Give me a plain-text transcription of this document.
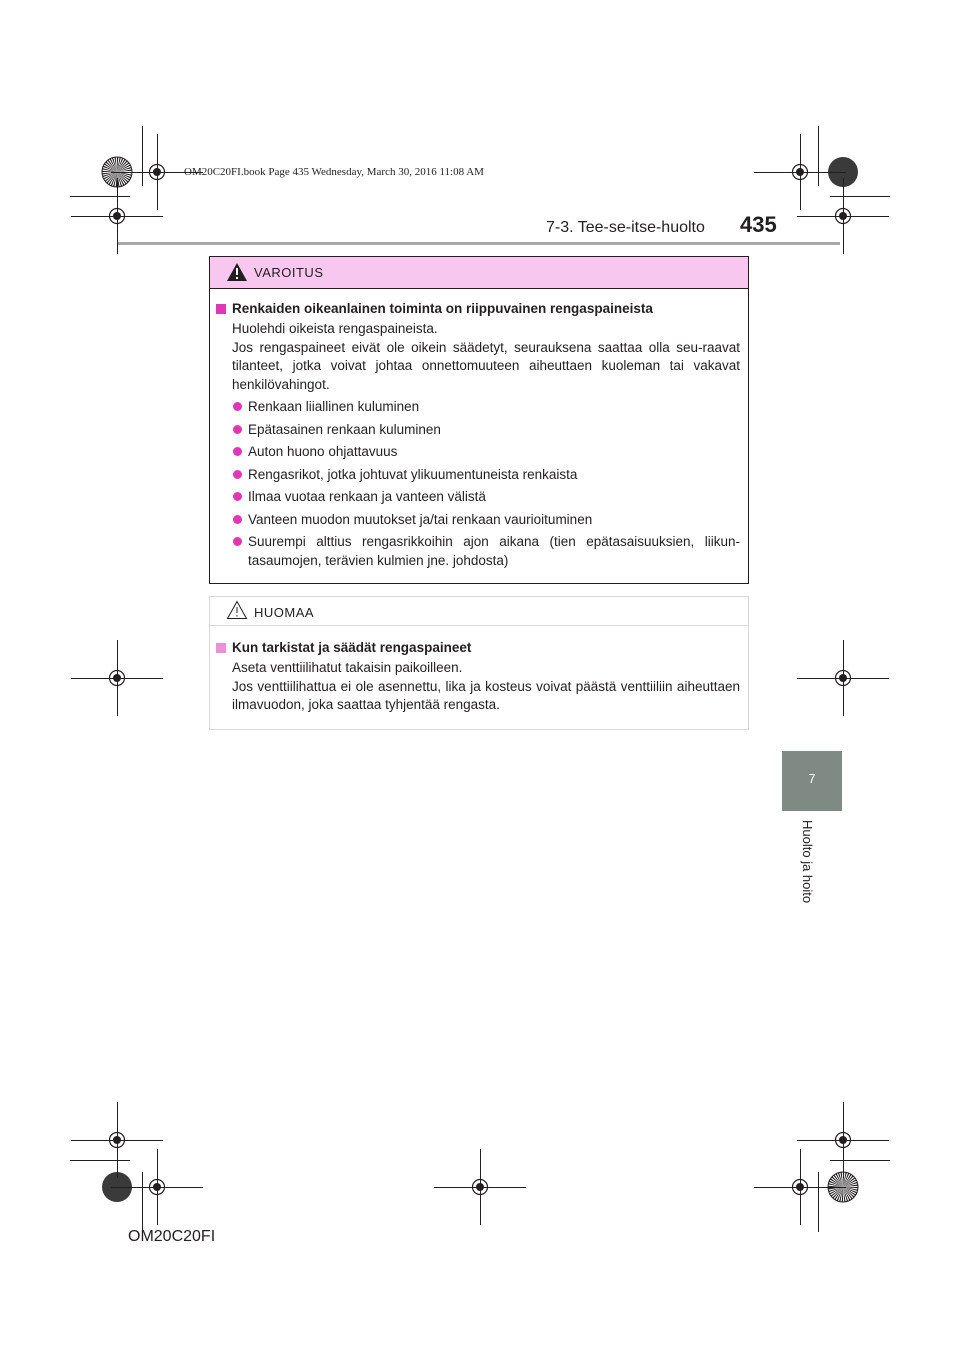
OM20C20FI.book Page 435 Wednesday, March 30, 2016 11:08 AM
7-3. Tee-se-itse-huolto 435
7
Huolto ja hoito
VAROITUS

Renkaiden oikeanlainen toiminta on riippuvainen rengaspaineista

Huolehdi oikeista rengaspaineista.
Jos rengaspaineet eivät ole oikein säädetyt, seurauksena saattaa olla seu-raavat tilanteet, jotka voivat johtaa onnettomuuteen aiheuttaen kuoleman tai vakavat henkilövahingot.
Renkaan liiallinen kuluminen
Epätasainen renkaan kuluminen
Auton huono ohjattavuus
Rengasrikot, jotka johtuvat ylikuumentuneista renkaista
Ilmaa vuotaa renkaan ja vanteen välistä
Vanteen muodon muutokset ja/tai renkaan vaurioituminen
Suurempi alttius rengasrikkoihin ajon aikana (tien epätasaisuuksien, liikun-tasaumojen, terävien kulmien jne. johdosta)
HUOMAA

Kun tarkistat ja säädät rengaspaineet

Aseta venttiilihatut takaisin paikoilleen.
Jos venttiilihattua ei ole asennettu, lika ja kosteus voivat päästä venttiiliin aiheuttaen ilmavuodon, joka saattaa tyhjentää rengasta.
OM20C20FI
